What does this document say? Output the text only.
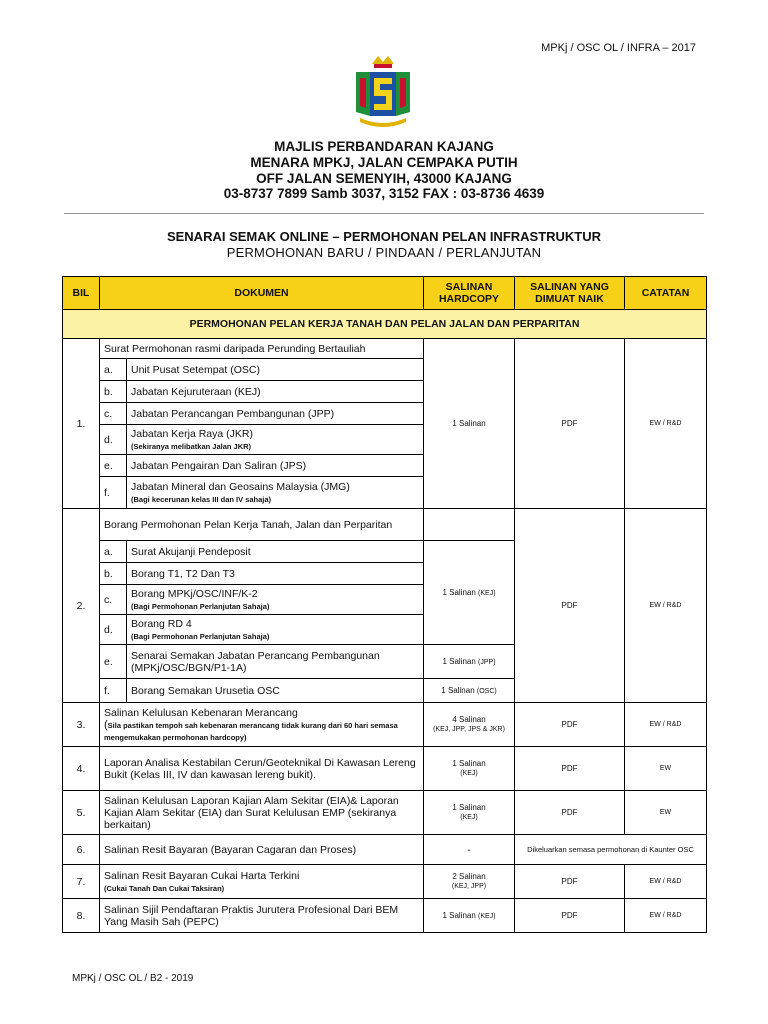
MPKj / OSC OL / INFRA – 2017
MAJLIS PERBANDARAN KAJANG
MENARA MPKJ, JALAN CEMPAKA PUTIH
OFF JALAN SEMENYIH, 43000 KAJANG
03-8737 7899 Samb 3037, 3152 FAX : 03-8736 4639
SENARAI SEMAK ONLINE – PERMOHONAN PELAN INFRASTRUKTUR
PERMOHONAN BARU / PINDAAN / PERLANJUTAN
BIL	DOKUMEN		SALINAN HARDCOPY	SALINAN YANG DIMUAT NAIK	CATATAN
PERMOHONAN PELAN KERJA TANAH DAN PELAN JALAN DAN PERPARITAN					
1.	Surat Permohonan rasmi daripada Perunding Bertauliah		1 Salinan	PDF	EW / R&D
	a.	Unit Pusat Setempat (OSC)			
	b.	Jabatan Kejuruteraan (KEJ)			
	c.	Jabatan Perancangan Pembangunan (JPP)			
	d.	Jabatan Kerja Raya (JKR)
(Sekiranya melibatkan Jalan JKR)			
	e.	Jabatan Pengairan Dan Saliran (JPS)			
	f.	Jabatan Mineral dan Geosains Malaysia (JMG)
(Bagi kecerunan kelas III dan IV sahaja)			
2.	Borang Permohonan Pelan Kerja Tanah, Jalan dan Perparitan			PDF	EW / R&D
	a.	Surat Akujanji Pendeposit	1 Salinan (KEJ)		
	b.	Borang T1, T2 Dan T3			
	c.	Borang MPKj/OSC/INF/K-2
(Bagi Permohonan Perlanjutan Sahaja)			
	d.	Borang RD 4
(Bagi Permohonan Perlanjutan Sahaja)			
	e.	Senarai Semakan Jabatan Perancang Pembangunan (MPKj/OSC/BGN/P1-1A)	1 Salinan (JPP)		
	f.	Borang Semakan Urusetia OSC	1 Salinan (OSC)		
3.	Salinan Kelulusan Kebenaran Merancang
(Sila pastikan tempoh sah kebenaran merancang tidak kurang dari 60 hari semasa mengemukakan permohonan hardcopy)		4 Salinan
(KEJ, JPP, JPS & JKR)	PDF	EW / R&D
4.	Laporan Analisa Kestabilan Cerun/Geoteknikal Di Kawasan Lereng Bukit (Kelas III, IV dan kawasan lereng bukit).		1 Salinan
(KEJ)	PDF	EW
5.	Salinan Kelulusan Laporan Kajian Alam Sekitar (EIA)& Laporan Kajian Alam Sekitar (EIA) dan Surat Kelulusan EMP (sekiranya berkaitan)		1 Salinan
(KEJ)	PDF	EW
6.	Salinan Resit Bayaran (Bayaran Cagaran dan Proses)		-	Dikeluarkan semasa permohonan di Kaunter OSC	
7.	Salinan Resit Bayaran Cukai Harta Terkini
(Cukai Tanah Dan Cukai Taksiran)		2 Salinan
(KEJ, JPP)	PDF	EW / R&D
8.	Salinan Sijil Pendaftaran Praktis Jurutera Profesional Dari BEM Yang Masih Sah (PEPC)		1 Salinan (KEJ)	PDF	EW / R&D
MPKj / OSC OL / B2 - 2019
